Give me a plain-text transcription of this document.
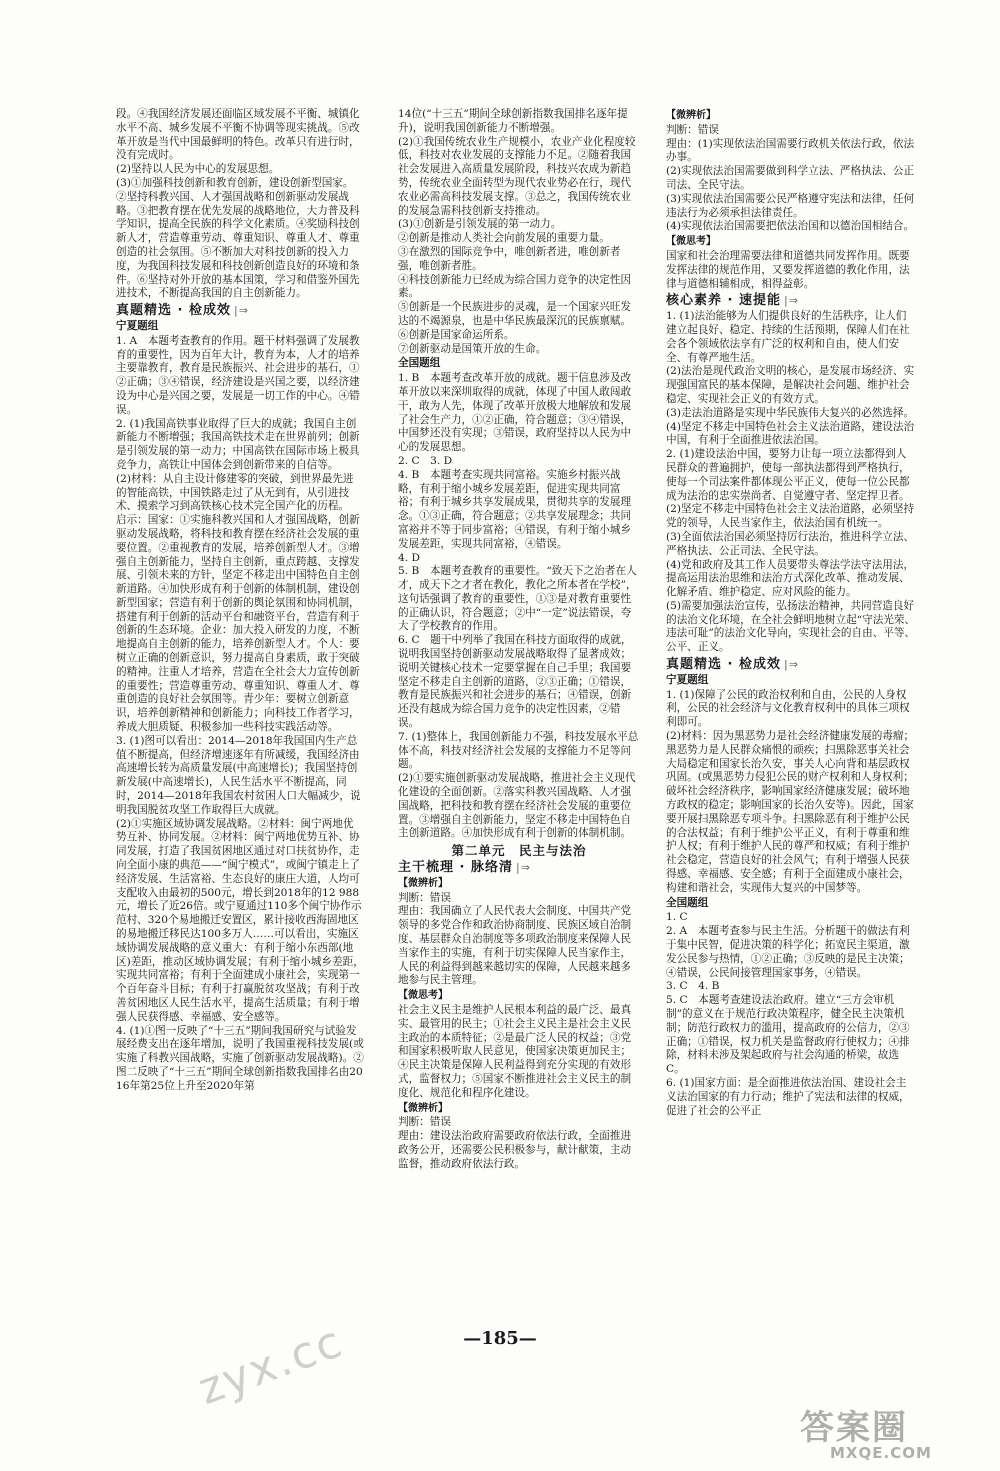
段。④我国经济发展还面临区域发展不平衡、城镇化水平不高、城乡发展不平衡不协调等现实挑战。⑤改革开放是当代中国最鲜明的特色。改革只有进行时，没有完成时。

(2)坚持以人民为中心的发展思想。

(3)①加强科技创新和教育创新，建设创新型国家。②坚持科教兴国、人才强国战略和创新驱动发展战略。③把教育摆在优先发展的战略地位，大力普及科学知识，提高全民族的科学文化素质。④奖励科技创新人才，营造尊重劳动、尊重知识、尊重人才、尊重创造的社会氛围。⑤不断加大对科技创新的投入力度，为我国科技发展和科技创新创造良好的环境和条件。⑥坚持对外开放的基本国策，学习和借鉴外国先进技术，不断提高我国的自主创新能力。

真题精选 · 检成效 |⇒
宁夏题组

1. A　本题考查教育的作用。题干材料强调了发展教育的重要性，因为百年大计，教育为本，人才的培养主要靠教育，教育是民族振兴、社会进步的基石，①②正确；③④错误，经济建设是兴国之要，以经济建设为中心是兴国之要，发展是一切工作的中心。④错误。

2. (1)我国高铁事业取得了巨大的成就；我国自主创新能力不断增强；我国高铁技术走在世界前列；创新是引领发展的第一动力；中国高铁在国际市场上极具竞争力，高铁让中国体会到创新带来的自信等。

(2)材料：从自主设计修建零的突破，到世界最先进的智能高铁，中国铁路走过了从无到有，从引进技术、摸索学习到高铁核心技术完全国产化的历程。

启示：国家：①实施科教兴国和人才强国战略，创新驱动发展战略，将科技和教育摆在经济社会发展的重要位置。②重视教育的发展，培养创新型人才。③增强自主创新能力，坚持自主创新，重点跨越、支撑发展、引领未来的方针，坚定不移走出中国特色自主创新道路。④加快形成有利于创新的体制机制，建设创新型国家；营造有利于创新的舆论氛围和协同机制，搭建有利于创新的活动平台和融资平台，营造有利于创新的生态环境。企业：加大投入研发的力度，不断地提高自主创新的能力，培养创新型人才。个人：要树立正确的创新意识，努力提高自身素质，敢于突破的精神。注重人才培养，营造在全社会大力宣传创新的重要性；营造尊重劳动、尊重知识、尊重人才、尊重创造的良好社会氛围等。青少年：要树立创新意识，培养创新精神和创新能力；向科技工作者学习，养成大胆质疑、积极参加一些科技实践活动等。

3. (1)图可以看出：2014—2018年我国国内生产总值不断提高，但经济增速逐年有所减缓，我国经济由高速增长转为高质量发展(中高速增长)；我国坚持创新发展(中高速增长)，人民生活水平不断提高，同时，2014—2018年我国农村贫困人口大幅减少，说明我国脱贫攻坚工作取得巨大成就。

(2)①实施区域协调发展战略。②材料：闽宁两地优势互补、协同发展。②材料：闽宁两地优势互补、协同发展，打造了我国贫困地区通过对口扶贫协作，走向全面小康的典范——“闽宁模式”，或闽宁镇走上了经济发展、生活富裕、生态良好的康庄大道，人均可支配收入由最初的500元，增长到2018年的12 988元，增长了近26倍。或宁夏通过110多个闽宁协作示范村、320个易地搬迁安置区，累计接收西海固地区的易地搬迁移民达100多万人……可以看出，实施区域协调发展战略的意义重大：有利于缩小东西部(地区)差距，推动区域协调发展；有利于缩小城乡差距，实现共同富裕；有利于全面建成小康社会，实现第一个百年奋斗目标；有利于打赢脱贫攻坚战；有利于改善贫困地区人民生活水平，提高生活质量；有利于增强人民获得感、幸福感、安全感等。

4. (1)①图一反映了“十三五”期间我国研究与试验发展经费支出在逐年增加，说明了我国重视科技发展(或实施了科教兴国战略，实施了创新驱动发展战略)。②图二反映了“十三五”期间全球创新指数我国排名由2016年第25位上升至2020年第

14位(“十三五”期间全球创新指数我国排名逐年提升)，说明我国创新能力不断增强。

(2)①我国传统农业生产规模小，农业产业化程度较低，科技对农业发展的支撑能力不足。②随着我国社会发展进入高质量发展阶段，科技兴农成为新趋势，传统农业全面转型为现代农业势必在行，现代农业必需高科技发展支撑。③总之，我国传统农业的发展急需科技创新支持推动。

(3)①创新是引领发展的第一动力。

②创新是推动人类社会向前发展的重要力量。

③在激烈的国际竞争中，唯创新者进，唯创新者强，唯创新者胜。

④科技创新能力已经成为综合国力竞争的决定性因素。

⑤创新是一个民族进步的灵魂，是一个国家兴旺发达的不竭源泉，也是中华民族最深沉的民族禀赋。

⑥创新是国家命运所系。

⑦创新驱动是国策开放的生命。

全国题组

1. B　本题考查改革开放的成就。题干信息涉及改革开放以来深圳取得的成就，体现了中国人敢闯敢干，敢为人先，体现了改革开放极大地解放和发展了社会生产力，①②正确，符合题意；③④错误，中国梦还没有实现；③错误，政府坚持以人民为中心的发展思想。

2. C　3. D

4. B　本题考查实现共同富裕。实施乡村振兴战略，有利于缩小城乡发展差距，促进实现共同富裕；有利于城乡共享发展成果，贯彻共享的发展理念。①③正确，符合题意；②共享发展理念；共同富裕并不等于同步富裕；④错误，有利于缩小城乡发展差距，实现共同富裕，④错误。

4. D

5. B　本题考查教育的重要性。“致天下之治者在人才，成天下之才者在教化，教化之所本者在学校”，这句话强调了教育的重要性，①③是对教育重要性的正确认识，符合题意；②中“一定”说法错误，夸大了学校教育的作用。

6. C　题干中列举了我国在科技方面取得的成就，说明我国坚持创新驱动发展战略取得了显著成效；说明关键核心技术一定要掌握在自己手里；我国要坚定不移走自主创新的道路，②③正确；①错误，教育是民族振兴和社会进步的基石；④错误，创新还没有越成为综合国力竞争的决定性因素，②错误。

7. (1)整体上，我国创新能力不强，科技发展水平总体不高，科技对经济社会发展的支撑能力不足等问题。

(2)①要实施创新驱动发展战略，推进社会主义现代化建设的全面创新。②落实科教兴国战略、人才强国战略，把科技和教育摆在经济社会发展的重要位置。③增强自主创新能力，坚定不移走中国特色自主创新道路。④加快形成有利于创新的体制机制。

第二单元　民主与法治
主干梳理 · 脉络清 |⇒
【微辨析】

判断：错误

理由：我国确立了人民代表大会制度、中国共产党领导的多党合作和政治协商制度、民族区域自治制度、基层群众自治制度等多项政治制度来保障人民当家作主的实施，有利于切实保障人民当家作主，人民的利益得到越来越切实的保障，人民越来越多地参与民主管理。

【微思考】

社会主义民主是维护人民根本利益的最广泛、最真实、最管用的民主；①社会主义民主是社会主义民主政治的本质特征；②是最广泛人民的权益；③党和国家积极听取人民意见，使国家决策更加民主；④民主决策是保障人民利益得到充分实现的有效形式，监督权力；⑤国家不断推进社会主义民主的制度化、规范化和程序化建设。

【微辨析】

判断：错误

理由：建设法治政府需要政府依法行政，全面推进政务公开，还需要公民积极参与，献计献策，主动监督，推动政府依法行政。

【微辨析】

判断：错误

理由：(1)实现依法治国需要行政机关依法行政，依法办事。

(2)实现依法治国需要做到科学立法、严格执法、公正司法、全民守法。

(3)实现依法治国需要公民严格遵守宪法和法律，任何违法行为必须承担法律责任。

(4)实现依法治国需要把依法治国和以德治国相结合。

【微思考】

国家和社会治理需要法律和道德共同发挥作用。既要发挥法律的规范作用，又要发挥道德的教化作用，法律与道德相辅相成，相得益彰。

核心素养 · 速提能 |⇒

1. (1)法治能够为人们提供良好的生活秩序，让人们建立起良好、稳定、持续的生活预期，保障人们在社会各个领域依法享有广泛的权利和自由，使人们安全、有尊严地生活。

(2)法治是现代政治文明的核心，是发展市场经济、实现强国富民的基本保障，是解决社会问题、维护社会稳定、实现社会正义的有效方式。

(3)走法治道路是实现中华民族伟大复兴的必然选择。

(4)坚定不移走中国特色社会主义法治道路，建设法治中国，有利于全面推进依法治国。

2. (1)建设法治中国，要努力让每一项立法都得到人民群众的普遍拥护，使每一部执法都得到严格执行，使每一个司法案件都体现公平正义，使每一位公民都成为法治的忠实崇尚者、自觉遵守者、坚定捍卫者。

(2)坚定不移走中国特色社会主义法治道路，必须坚持党的领导，人民当家作主，依法治国有机统一。

(3)全面依法治国必须坚持厉行法治，推进科学立法、严格执法、公正司法、全民守法。

(4)党和政府及其工作人员要带头尊法学法守法用法，提高运用法治思维和法治方式深化改革、推动发展、化解矛盾、维护稳定、应对风险的能力。

(5)需要加强法治宣传，弘扬法治精神，共同营造良好的法治文化环境，在全社会鲜明地树立起“守法光荣、违法可耻”的法治文化导向，实现社会的自由、平等、公平、正义。

真题精选 · 检成效 |⇒
宁夏题组

1. (1)保障了公民的政治权利和自由，公民的人身权利，公民的社会经济与文化教育权利中的具体三项权利即可。

(2)材料：因为黑恶势力是社会经济健康发展的毒瘤；黑恶势力是人民群众痛恨的顽疾；扫黑除恶事关社会大局稳定和国家长治久安，事关人心向背和基层政权巩固。(或黑恶势力侵犯公民的财产权利和人身权利；破坏社会经济秩序，影响国家经济健康发展；破坏地方政权的稳定；影响国家的长治久安等)。因此，国家要开展扫黑除恶专项斗争。扫黑除恶有利于维护公民的合法权益；有利于维护公平正义，有利于尊重和维护人权；有利于维护人民的尊严和权威；有利于维护社会稳定，营造良好的社会风气；有利于增强人民获得感、幸福感、安全感；有利于全面建成小康社会，构建和谐社会，实现伟大复兴的中国梦等。

全国题组

1. C

2. A　本题考查参与民主生活。分析题干的做法有利于集中民智，促进决策的科学化；拓宽民主渠道，激发公民参与热情，①②正确；③反映的是民主决策；④错误，公民间接管理国家事务，④错误。

3. C　4. B

5. C　本题考查建设法治政府。建立“三方会审机制”的意义在于规范行政决策程序，健全民主决策机制；防范行政权力的滥用，提高政府的公信力，②③正确；①错误，权力机关是监督政府行使权力；④排除，材料未涉及架起政府与社会沟通的桥梁，故选C。

6. (1)国家方面：是全面推进依法治国、建设社会主义法治国家的有力行动；维护了宪法和法律的权威，促进了社会的公平正

—185—
zyx.cc
答案圈
MXQE.COM
